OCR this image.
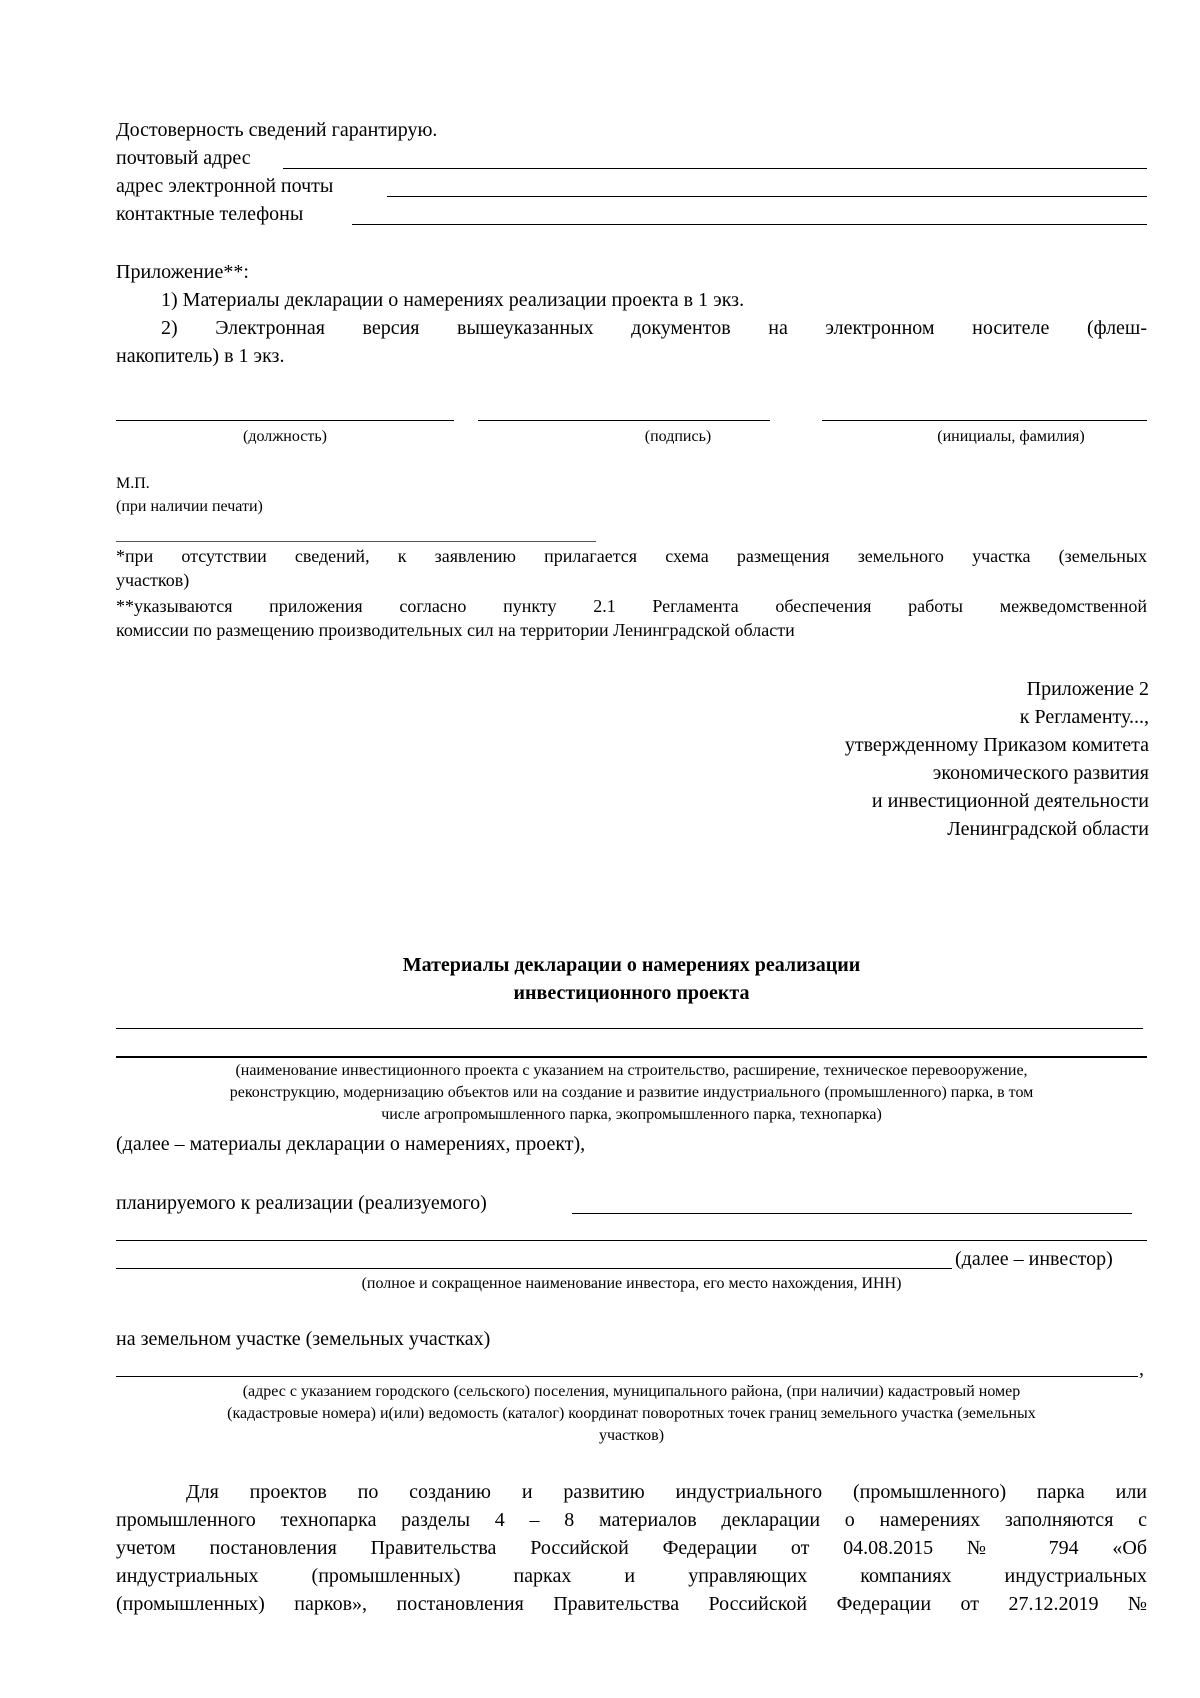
Достоверность сведений гарантирую.
почтовый адрес
адрес электронной почты
контактные телефоны
Приложение**:
1) Материалы декларации о намерениях реализации проекта в 1 экз.
2) Электронная версия вышеуказанных документов на электронном носителе (флеш-
накопитель) в 1 экз.
(должность)	(подпись)	(инициалы, фамилия)
М.П.
(при наличии печати)
*при отсутствии сведений, к заявлению прилагается схема размещения земельного участка (земельных
участков)
**указываются приложения согласно пункту 2.1 Регламента обеспечения работы межведомственной
комиссии по размещению производительных сил на территории Ленинградской области
Приложение 2
к Регламенту...,
утвержденному Приказом комитета
экономического развития
и инвестиционной деятельности
Ленинградской области
Материалы декларации о намерениях реализации
инвестиционного проекта
(наименование инвестиционного проекта с указанием на строительство, расширение, техническое перевооружение,
реконструкцию, модернизацию объектов или на создание и развитие индустриального (промышленного) парка, в том
числе агропромышленного парка, экопромышленного парка, технопарка)
(далее – материалы декларации о намерениях, проект),
планируемого к реализации (реализуемого)
(далее – инвестор)
(полное и сокращенное наименование инвестора, его место нахождения, ИНН)
на земельном участке (земельных участках)
,
(адрес с указанием городского (сельского) поселения, муниципального района, (при наличии) кадастровый номер
(кадастровые номера) и(или) ведомость (каталог) координат поворотных точек границ земельного участка (земельных
участков)
Для проектов по созданию и развитию индустриального (промышленного) парка или
промышленного технопарка разделы 4 – 8 материалов декларации о намерениях заполняются с
учетом постановления Правительства Российской Федерации от 04.08.2015 № 794 «Об
индустриальных (промышленных) парках и управляющих компаниях индустриальных
(промышленных) парков», постановления Правительства Российской Федерации от 27.12.2019 №
